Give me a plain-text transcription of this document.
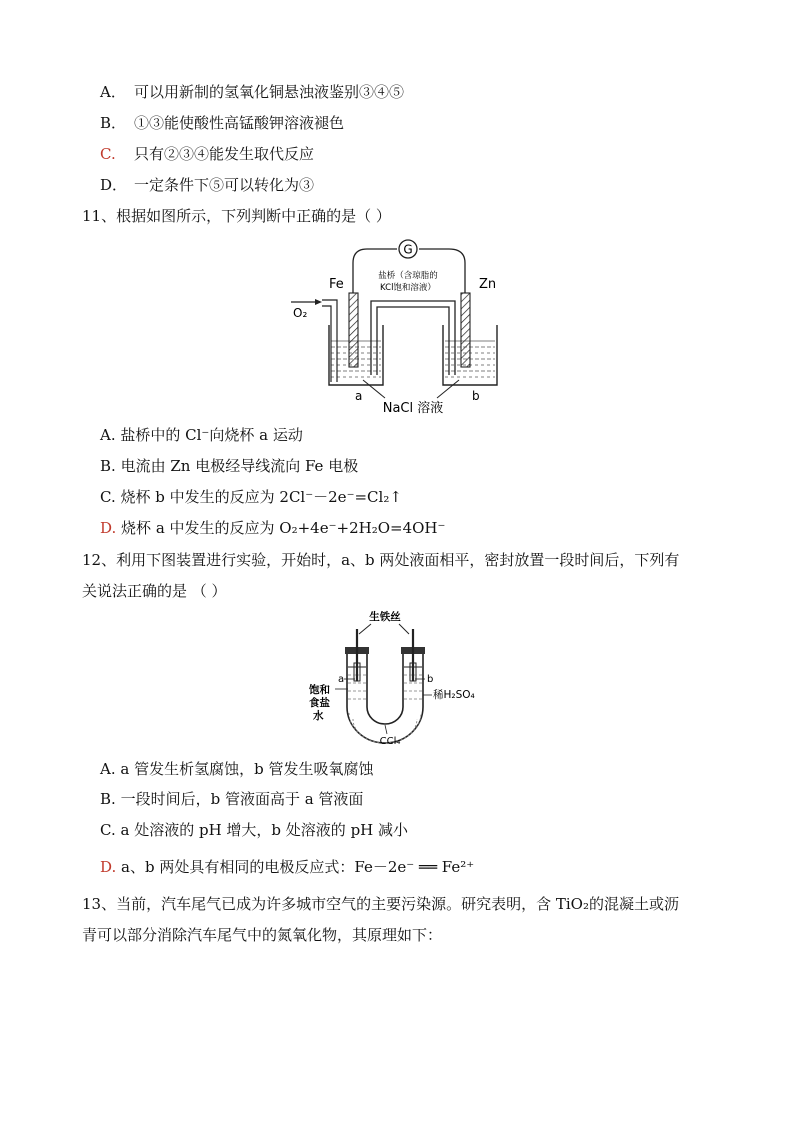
A． 可以用新制的氢氧化铜悬浊液鉴别③④⑤
B． ①③能使酸性高锰酸钾溶液褪色
C. 只有②③④能发生取代反应
D． 一定条件下⑤可以转化为③
11、根据如图所示，下列判断中正确的是（ ）
G
盐桥（含琼脂的
KCl饱和溶液）
Fe	Zn
O₂
a	b
NaCl 溶液
A. 盐桥中的 Cl⁻向烧杯 a 运动
B. 电流由 Zn 电极经导线流向 Fe 电极
C. 烧杯 b 中发生的反应为 2Cl⁻－2e⁻=Cl₂↑
D. 烧杯 a 中发生的反应为 O₂+4e⁻+2H₂O=4OH⁻
12、利用下图装置进行实验，开始时，a、b 两处液面相平，密封放置一段时间后，下列有
关说法正确的是 （ ）
生铁丝
a	b
饱和
食盐
水
稀H₂SO₄
CCl₄
A. a 管发生析氢腐蚀，b 管发生吸氧腐蚀
B. 一段时间后，b 管液面高于 a 管液面
C. a 处溶液的 pH 增大，b 处溶液的 pH 减小
D. a、b 两处具有相同的电极反应式：Fe－2e⁻ ══ Fe²⁺
13、当前，汽车尾气已成为许多城市空气的主要污染源。研究表明，含 TiO₂的混凝土或沥
青可以部分消除汽车尾气中的氮氧化物，其原理如下：
